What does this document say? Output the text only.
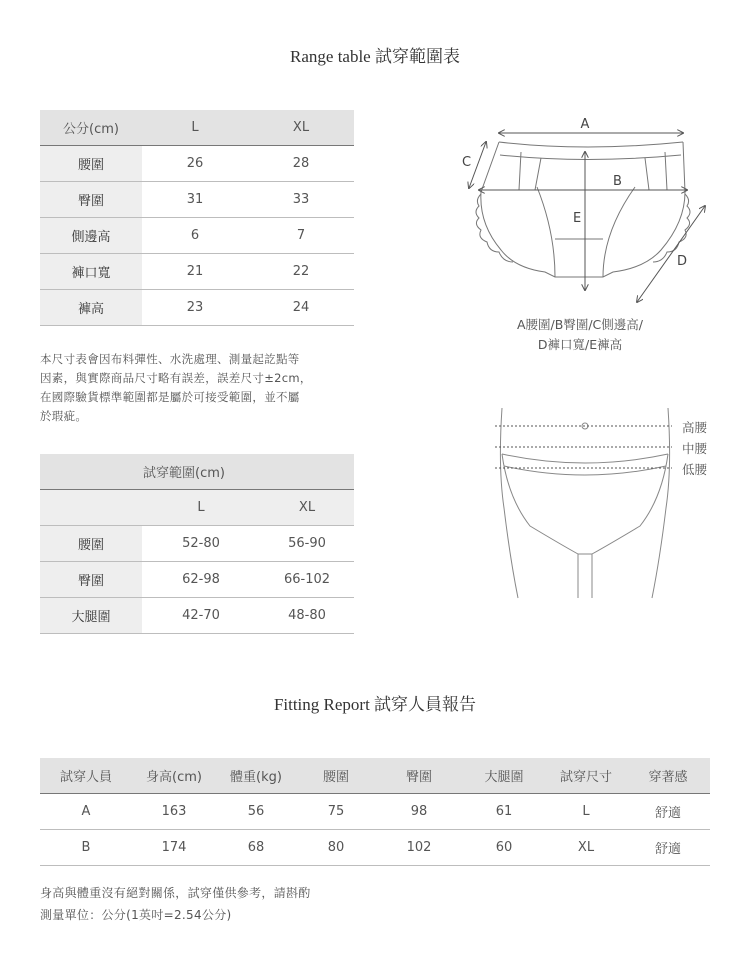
Range table 試穿範圍表
公分(cm)	L	XL
腰圍	26	28
臀圍	31	33
側邊高	6	7
褲口寬	21	22
褲高	23	24
本尺寸表會因布料彈性、水洗處理、測量起訖點等
因素，與實際商品尺寸略有誤差，誤差尺寸±2cm，
在國際驗貨標準範圍都是屬於可接受範圍，並不屬
於瑕疵。
A
B
C
D
E
A腰圍/B臀圍/C側邊高/
D褲口寬/E褲高
高腰
中腰
低腰
試穿範圍(cm)		
	L	XL
腰圍	52-80	56-90
臀圍	62-98	66-102
大腿圍	42-70	48-80
Fitting Report 試穿人員報告
試穿人員	身高(cm)	體重(kg)	腰圍	臀圍	大腿圍	試穿尺寸	穿著感
A	163	56	75	98	61	L	舒適
B	174	68	80	102	60	XL	舒適
身高與體重沒有絕對關係，試穿僅供參考，請斟酌
測量單位：公分(1英吋=2.54公分)
